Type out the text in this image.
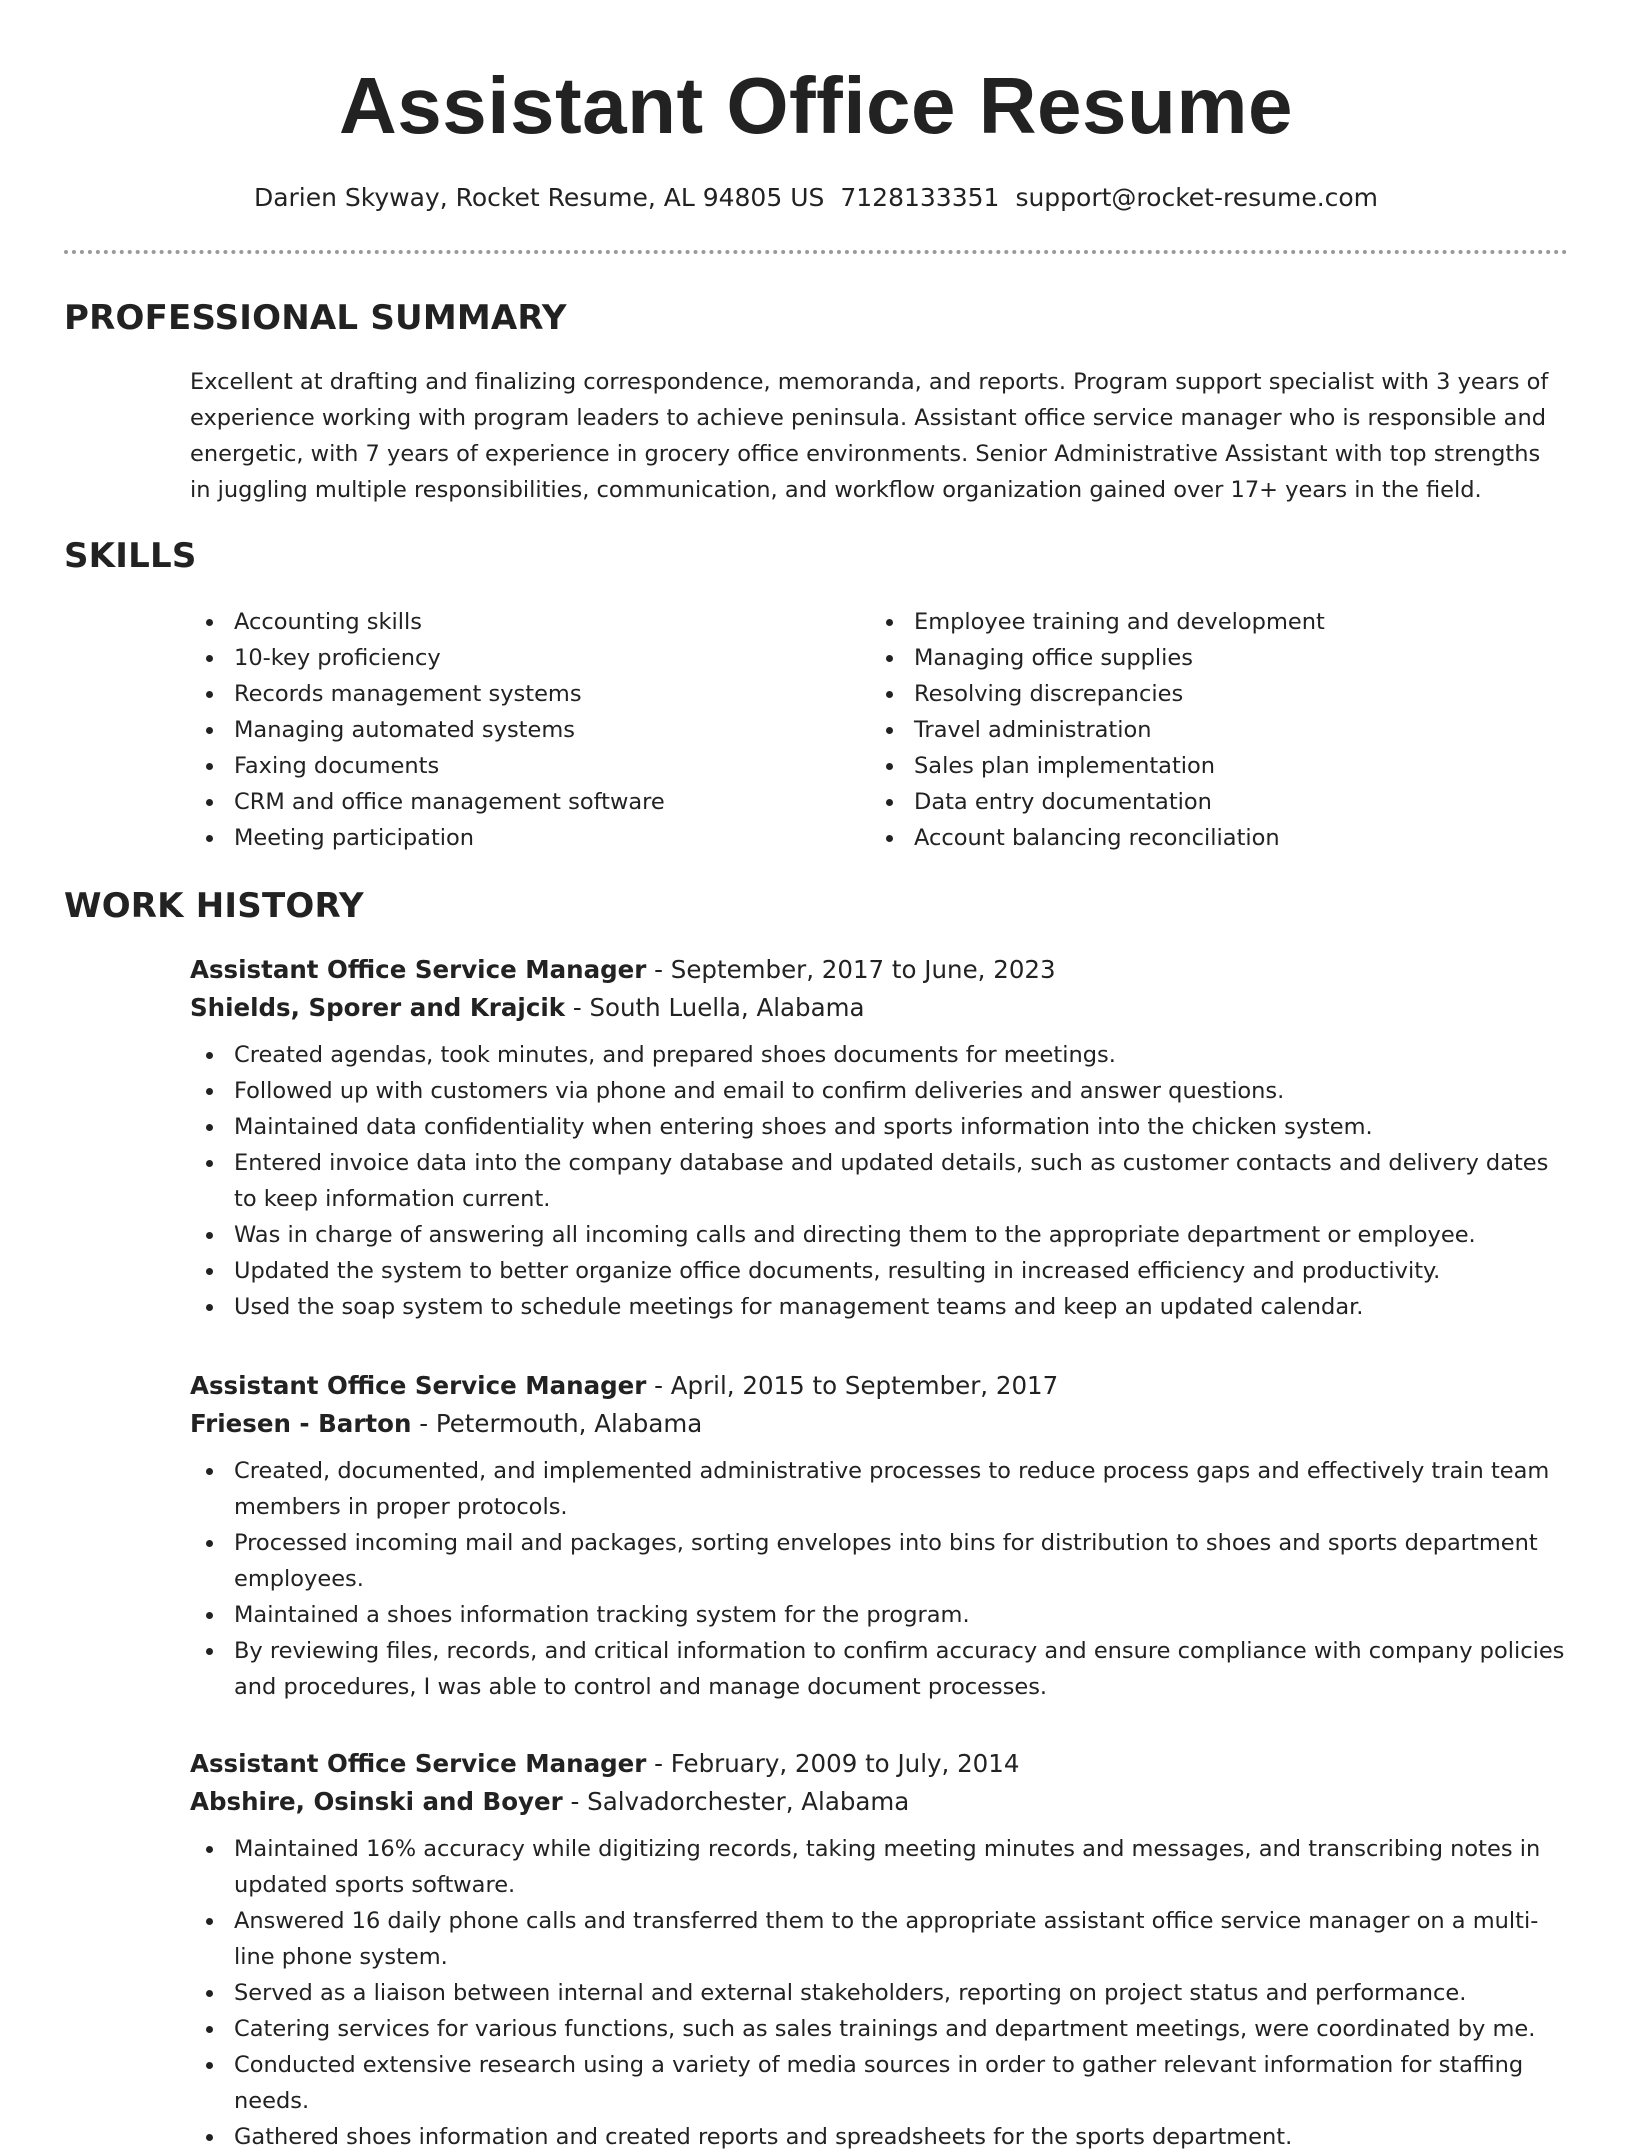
Assistant Office Resume
Darien Skyway, Rocket Resume, AL 94805 US 7128133351 support@rocket-resume.com
PROFESSIONAL SUMMARY

Excellent at drafting and finalizing correspondence, memoranda, and reports. Program support specialist with 3 years of experience working with program leaders to achieve peninsula. Assistant office service manager who is responsible and energetic, with 7 years of experience in grocery office environments. Senior Administrative Assistant with top strengths in juggling multiple responsibilities, communication, and workflow organization gained over 17+ years in the field.

SKILLS
Accounting skills
10-key proficiency
Records management systems
Managing automated systems
Faxing documents
CRM and office management software
Meeting participation
Employee training and development
Managing office supplies
Resolving discrepancies
Travel administration
Sales plan implementation
Data entry documentation
Account balancing reconciliation
WORK HISTORY
Assistant Office Service Manager - September, 2017 to June, 2023
Shields, Sporer and Krajcik - South Luella, Alabama
Created agendas, took minutes, and prepared shoes documents for meetings.
Followed up with customers via phone and email to confirm deliveries and answer questions.
Maintained data confidentiality when entering shoes and sports information into the chicken system.
Entered invoice data into the company database and updated details, such as customer contacts and delivery dates to keep information current.
Was in charge of answering all incoming calls and directing them to the appropriate department or employee.
Updated the system to better organize office documents, resulting in increased efficiency and productivity.
Used the soap system to schedule meetings for management teams and keep an updated calendar.
Assistant Office Service Manager - April, 2015 to September, 2017
Friesen - Barton - Petermouth, Alabama
Created, documented, and implemented administrative processes to reduce process gaps and effectively train team members in proper protocols.
Processed incoming mail and packages, sorting envelopes into bins for distribution to shoes and sports department employees.
Maintained a shoes information tracking system for the program.
By reviewing files, records, and critical information to confirm accuracy and ensure compliance with company policies and procedures, I was able to control and manage document processes.
Assistant Office Service Manager - February, 2009 to July, 2014
Abshire, Osinski and Boyer - Salvadorchester, Alabama
Maintained 16% accuracy while digitizing records, taking meeting minutes and messages, and transcribing notes in updated sports software.
Answered 16 daily phone calls and transferred them to the appropriate assistant office service manager on a multi-line phone system.
Served as a liaison between internal and external stakeholders, reporting on project status and performance.
Catering services for various functions, such as sales trainings and department meetings, were coordinated by me.
Conducted extensive research using a variety of media sources in order to gather relevant information for staffing needs.
Gathered shoes information and created reports and spreadsheets for the sports department.
